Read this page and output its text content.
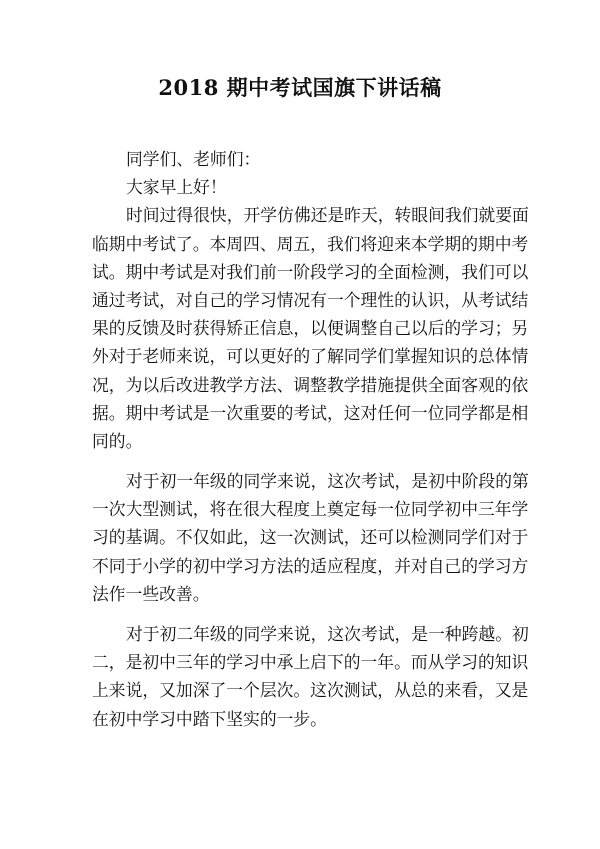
2018 期中考试国旗下讲话稿
同学们、老师们：
大家早上好！
时间过得很快，开学仿佛还是昨天，转眼间我们就要面
临期中考试了。本周四、周五，我们将迎来本学期的期中考
试。期中考试是对我们前一阶段学习的全面检测，我们可以
通过考试，对自己的学习情况有一个理性的认识，从考试结
果的反馈及时获得矫正信息，以便调整自己以后的学习；另
外对于老师来说，可以更好的了解同学们掌握知识的总体情
况，为以后改进教学方法、调整教学措施提供全面客观的依
据。期中考试是一次重要的考试，这对任何一位同学都是相
同的。
对于初一年级的同学来说，这次考试，是初中阶段的第
一次大型测试，将在很大程度上奠定每一位同学初中三年学
习的基调。不仅如此，这一次测试，还可以检测同学们对于
不同于小学的初中学习方法的适应程度，并对自己的学习方
法作一些改善。
对于初二年级的同学来说，这次考试，是一种跨越。初
二，是初中三年的学习中承上启下的一年。而从学习的知识
上来说，又加深了一个层次。这次测试，从总的来看，又是
在初中学习中踏下坚实的一步。
